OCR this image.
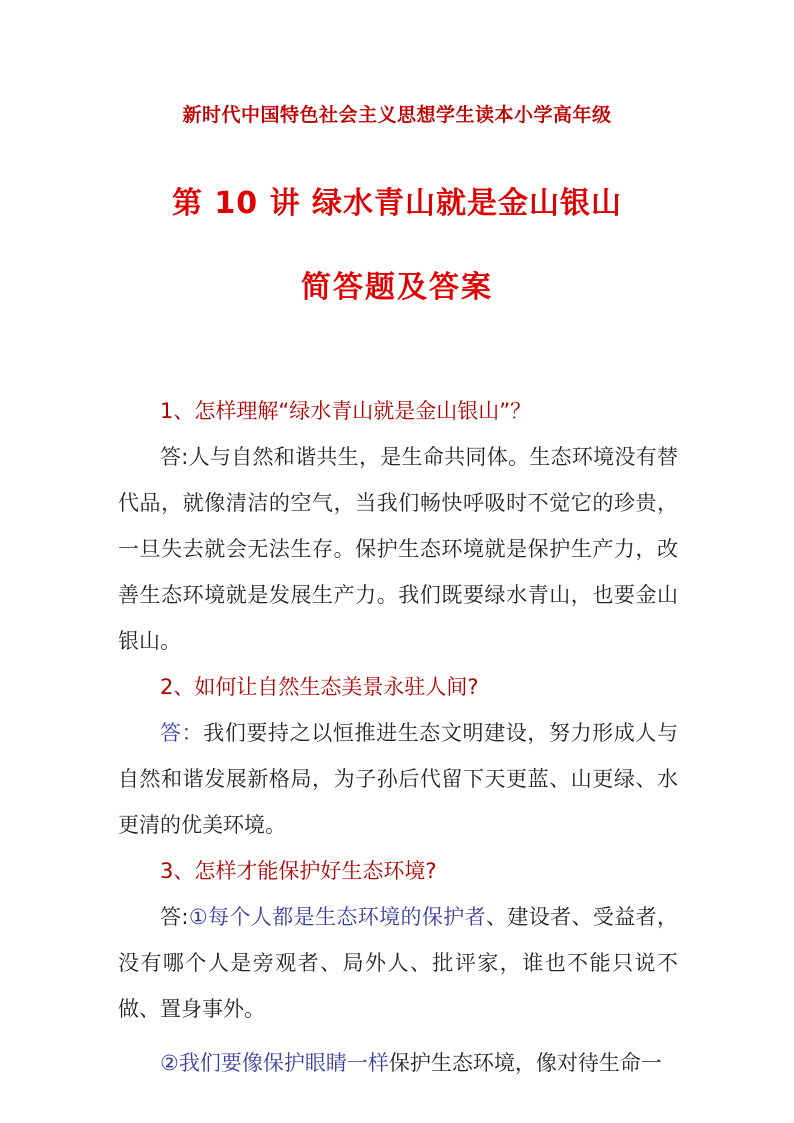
新时代中国特色社会主义思想学生读本小学高年级
第 10 讲 绿水青山就是金山银山
简答题及答案

1、怎样理解“绿水青山就是金山银山”？

答:人与自然和谐共生，是生命共同体。生态环境没有替代品，就像清洁的空气，当我们畅快呼吸时不觉它的珍贵，一旦失去就会无法生存。保护生态环境就是保护生产力，改善生态环境就是发展生产力。我们既要绿水青山，也要金山银山。

2、如何让自然生态美景永驻人间?

答：我们要持之以恒推进生态文明建设，努力形成人与自然和谐发展新格局，为子孙后代留下天更蓝、山更绿、水更清的优美环境。

3、怎样才能保护好生态环境?

答:①每个人都是生态环境的保护者、建设者、受益者，没有哪个人是旁观者、局外人、批评家，谁也不能只说不做、置身事外。

②我们要像保护眼睛一样保护生态环境，像对待生命一
